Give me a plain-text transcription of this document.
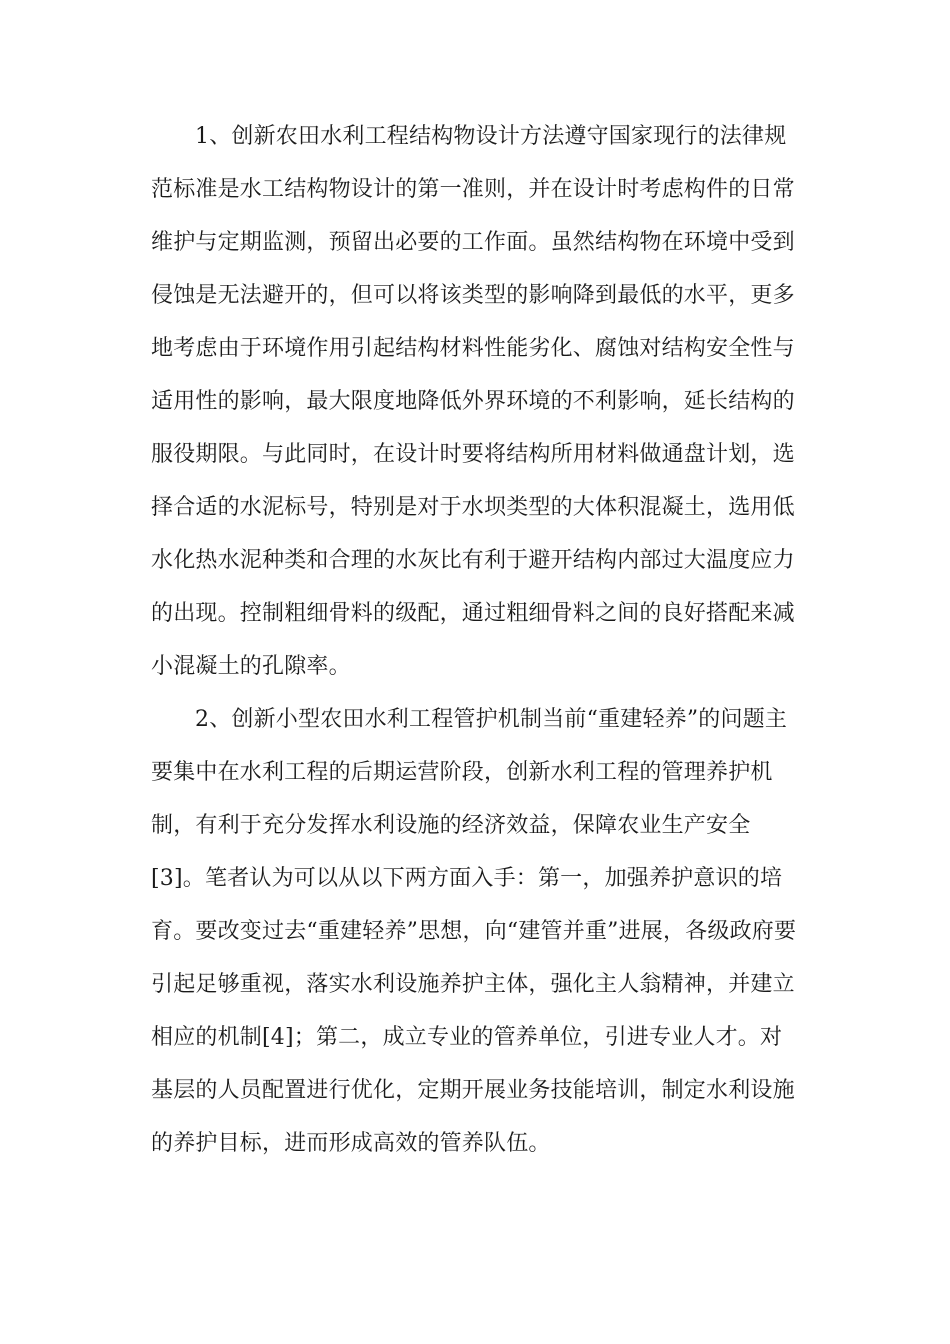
1、创新农田水利工程结构物设计方法遵守国家现行的法律规
范标准是水工结构物设计的第一准则，并在设计时考虑构件的日常
维护与定期监测，预留出必要的工作面。虽然结构物在环境中受到
侵蚀是无法避开的，但可以将该类型的影响降到最低的水平，更多
地考虑由于环境作用引起结构材料性能劣化、腐蚀对结构安全性与
适用性的影响，最大限度地降低外界环境的不利影响，延长结构的
服役期限。与此同时，在设计时要将结构所用材料做通盘计划，选
择合适的水泥标号，特别是对于水坝类型的大体积混凝土，选用低
水化热水泥种类和合理的水灰比有利于避开结构内部过大温度应力
的出现。控制粗细骨料的级配，通过粗细骨料之间的良好搭配来减
小混凝土的孔隙率。
2、创新小型农田水利工程管护机制当前“重建轻养”的问题主
要集中在水利工程的后期运营阶段，创新水利工程的管理养护机
制，有利于充分发挥水利设施的经济效益，保障农业生产安全
[3]。笔者认为可以从以下两方面入手：第一，加强养护意识的培
育。要改变过去“重建轻养”思想，向“建管并重”进展，各级政府要
引起足够重视，落实水利设施养护主体，强化主人翁精神，并建立
相应的机制[4]；第二，成立专业的管养单位，引进专业人才。对
基层的人员配置进行优化，定期开展业务技能培训，制定水利设施
的养护目标，进而形成高效的管养队伍。
